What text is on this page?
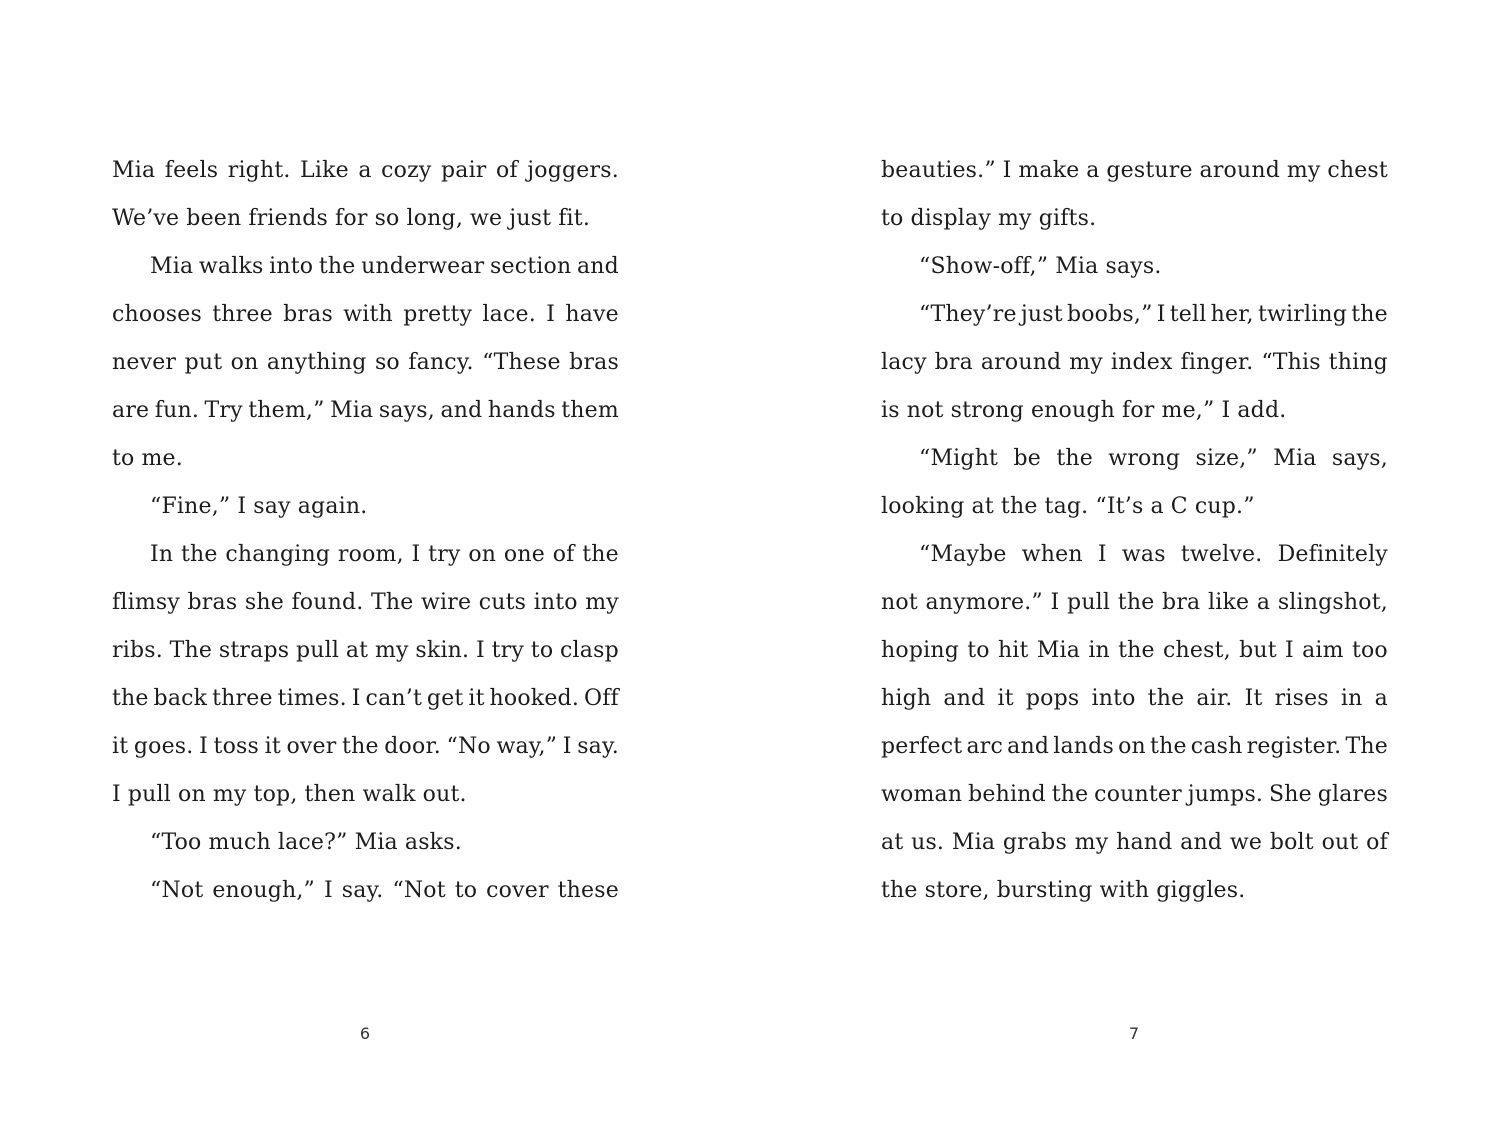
Mia feels right. Like a cozy pair of joggers.
We’ve been friends for so long, we just fit.
Mia walks into the underwear section and
chooses three bras with pretty lace. I have
never put on anything so fancy. “These bras
are fun. Try them,” Mia says, and hands them
to me.
“Fine,” I say again.
In the changing room, I try on one of the
flimsy bras she found. The wire cuts into my
ribs. The straps pull at my skin. I try to clasp
the back three times. I can’t get it hooked. Off
it goes. I toss it over the door. “No way,” I say.
I pull on my top, then walk out.
“Too much lace?” Mia asks.
“Not enough,” I say. “Not to cover these
6
beauties.” I make a gesture around my chest
to display my gifts.
“Show-off,” Mia says.
“They’re just boobs,” I tell her, twirling the
lacy bra around my index finger. “This thing
is not strong enough for me,” I add.
“Might be the wrong size,” Mia says,
looking at the tag. “It’s a C cup.”
“Maybe when I was twelve. Definitely
not anymore.” I pull the bra like a slingshot,
hoping to hit Mia in the chest, but I aim too
high and it pops into the air. It rises in a
perfect arc and lands on the cash register. The
woman behind the counter jumps. She glares
at us. Mia grabs my hand and we bolt out of
the store, bursting with giggles.
7
